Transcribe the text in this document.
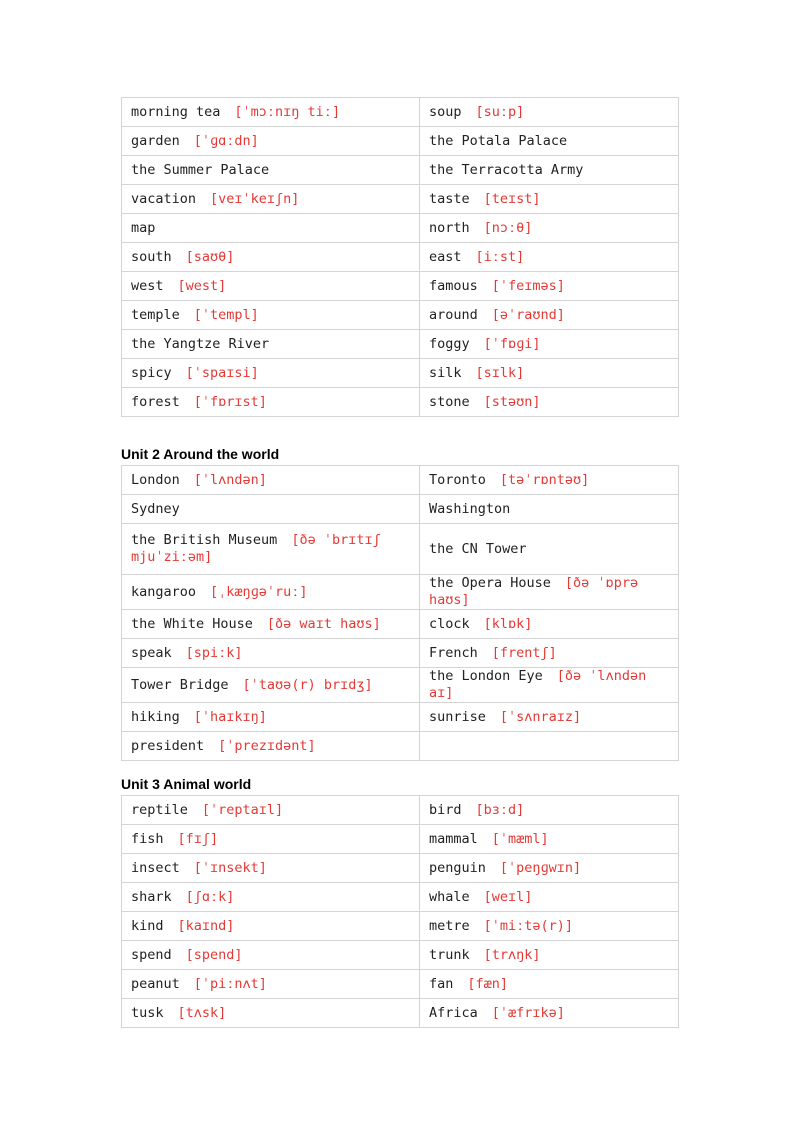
morning tea [ˈmɔːnɪŋ tiː]	soup [suːp]
garden [ˈɡɑːdn]	the Potala Palace
the Summer Palace	the Terracotta Army
vacation [veɪˈkeɪʃn]	taste [teɪst]
map	north [nɔːθ]
south [saʊθ]	east [iːst]
west [west]	famous [ˈfeɪməs]
temple [ˈtempl]	around [əˈraʊnd]
the Yangtze River	foggy [ˈfɒɡi]
spicy [ˈspaɪsi]	silk [sɪlk]
forest [ˈfɒrɪst]	stone [stəʊn]
Unit 2 Around the world
London [ˈlʌndən]	Toronto [təˈrɒntəʊ]
Sydney	Washington
the British Museum [ðə ˈbrɪtɪʃ mjuˈziːəm]	the CN Tower
kangaroo [ˌkæŋɡəˈruː]	the Opera House [ðə ˈɒprə haʊs]
the White House [ðə waɪt haʊs]	clock [klɒk]
speak [spiːk]	French [frentʃ]
Tower Bridge [ˈtaʊə(r) brɪdʒ]	the London Eye [ðə ˈlʌndən aɪ]
hiking [ˈhaɪkɪŋ]	sunrise [ˈsʌnraɪz]
president [ˈprezɪdənt]	
Unit 3 Animal world
reptile [ˈreptaɪl]	bird [bɜːd]
fish [fɪʃ]	mammal [ˈmæml]
insect [ˈɪnsekt]	penguin [ˈpeŋɡwɪn]
shark [ʃɑːk]	whale [weɪl]
kind [kaɪnd]	metre [ˈmiːtə(r)]
spend [spend]	trunk [trʌŋk]
peanut [ˈpiːnʌt]	fan [fæn]
tusk [tʌsk]	Africa [ˈæfrɪkə]
